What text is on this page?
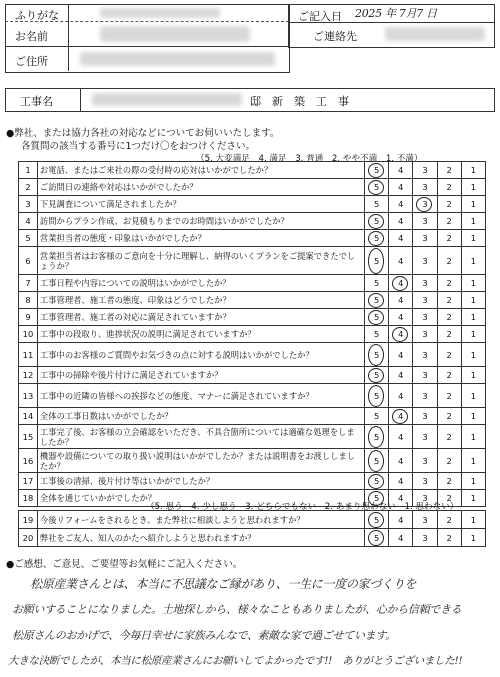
ふりがな
お名前
ご住所
ご記入日 2025 年 7月7 日
ご連絡先
工事名	邸　新　築　工　事
●弊社、または協力各社の対応などについてお伺いいたします。
各質問の該当する番号に1つだけ〇をおつけください。
（5. 大変満足　4. 満足　3. 普通　2. やや不満　1. 不満）
1	お電話、またはご来社の際の受付時の応対はいかがでしたか？	5	4	3	2	1
2	ご訪問日の連絡や対応はいかがでしたか？	5	4	3	2	1
3	下見調査について満足されましたか？	5	4	3	2	1
4	訪問からプラン作成、お見積もりまでのお時間はいかがでしたか？	5	4	3	2	1
5	営業担当者の態度・印象はいかがでしたか？	5	4	3	2	1
6	営業担当者はお客様のご意向を十分に理解し、納得のいくプランをご提案できたでしょうか？	5	4	3	2	1
7	工事日程や内容についての説明はいかがでしたか？	5	4	3	2	1
8	工事管理者、施工者の態度、印象はどうでしたか？	5	4	3	2	1
9	工事管理者、施工者の対応に満足されていますか？	5	4	3	2	1
10	工事中の段取り、進捗状況の説明に満足されていますか？	5	4	3	2	1
11	工事中のお客様のご質問やお気づきの点に対する説明はいかがでしたか？	5	4	3	2	1
12	工事中の掃除や後片付けに満足されていますか？	5	4	3	2	1
13	工事中の近隣の皆様への挨拶などの態度、マナーに満足されていますか？	5	4	3	2	1
14	全体の工事日数はいかがでしたか？	5	4	3	2	1
15	工事完了後、お客様の立会確認をいただき、不具合箇所については適確な処理をしましたか？	5	4	3	2	1
16	機器や設備についての取り扱い説明はいかがでしたか？または説明書をお渡ししましたか？	5	4	3	2	1
17	工事後の清掃、後片付け等はいかがでしたか？	5	4	3	2	1
18	全体を通じていかがでしたか？	5	4	3	2	1
（5. 思う　4. 少し思う　3. どちらでもない　2. あまり思わない　1. 思わない）
19	今後リフォームをされるとき、また弊社に相談しようと思われますか？	5	4	3	2	1
20	弊社をご友人、知人のかたへ紹介しようと思われますか？	5	4	3	2	1
●ご感想、ご意見、ご要望等お気軽にご記入ください。
松原産業さんとは、本当に不思議なご縁があり、一生に一度の家づくりを
お願いすることになりました。土地探しから、様々なこともありましたが、心から信頼できる
松原さんのおかげで、今毎日幸せに家族みんなで、素敵な家で過ごせています。
大きな決断でしたが、本当に松原産業さんにお願いしてよかったです!!　ありがとうございました!!
